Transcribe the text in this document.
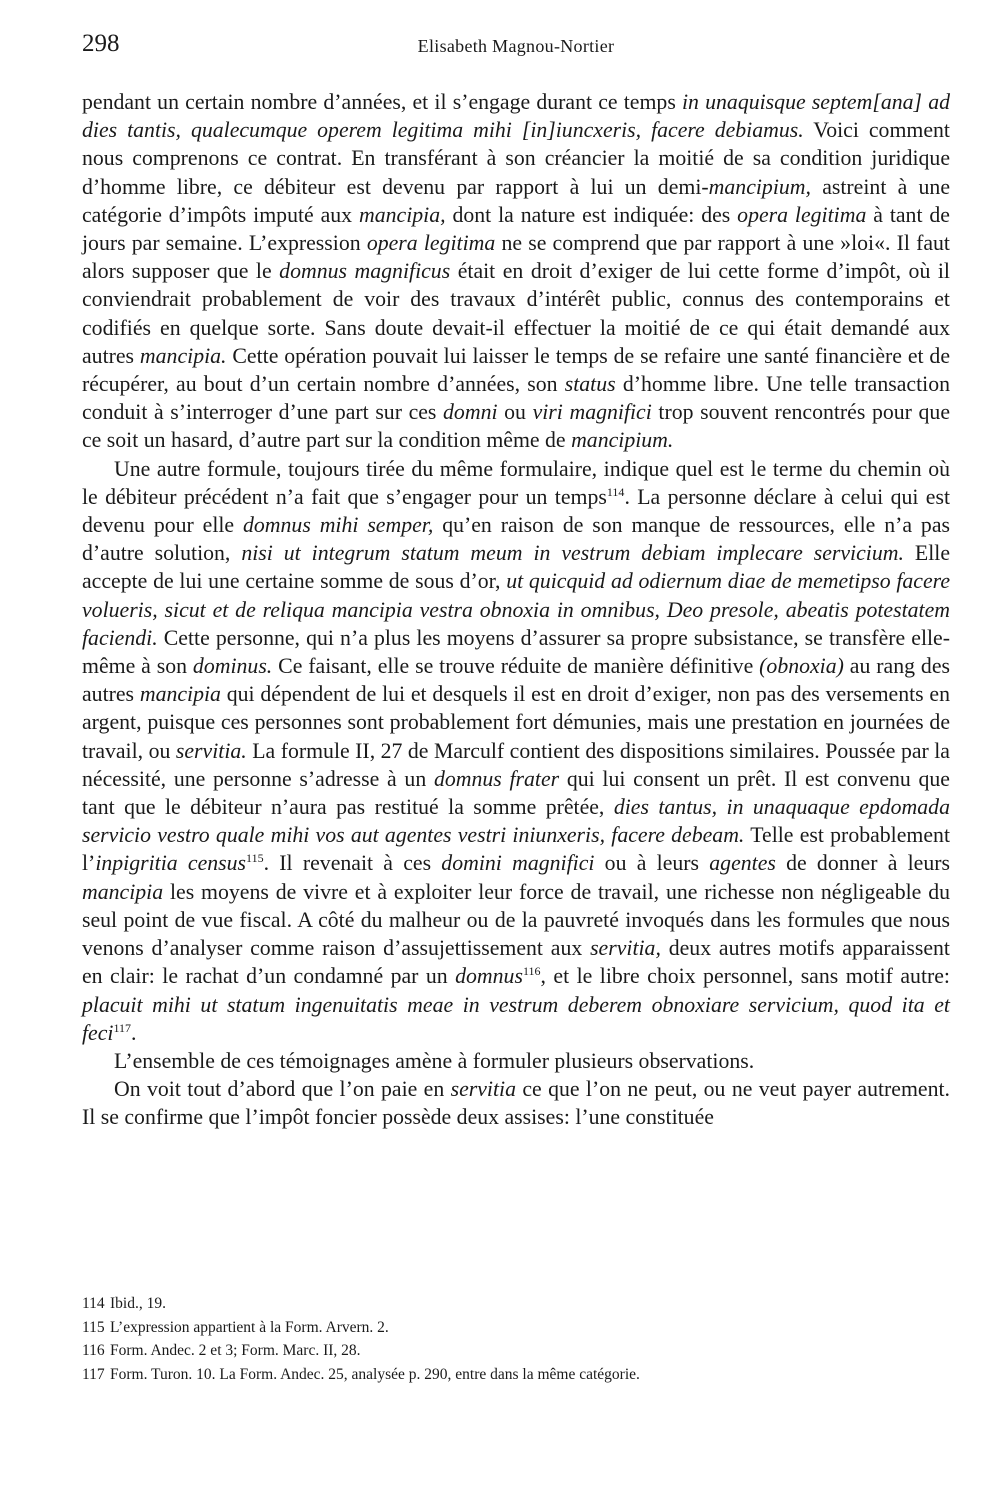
298	Elisabeth Magnou-Nortier

pendant un certain nombre d’années, et il s’engage durant ce temps in unaquisque septem[ana] ad dies tantis, qualecumque operem legitima mihi [in]iuncxeris, facere debiamus. Voici comment nous comprenons ce contrat. En transférant à son créancier la moitié de sa condition juridique d’homme libre, ce débiteur est devenu par rapport à lui un demi-mancipium, astreint à une catégorie d’impôts imputé aux mancipia, dont la nature est indiquée: des opera legitima à tant de jours par semaine. L’expression opera legitima ne se comprend que par rapport à une »loi«. Il faut alors supposer que le domnus magnificus était en droit d’exiger de lui cette forme d’impôt, où il conviendrait probablement de voir des travaux d’intérêt public, connus des contemporains et codifiés en quelque sorte. Sans doute devait-il effectuer la moitié de ce qui était demandé aux autres mancipia. Cette opération pouvait lui laisser le temps de se refaire une santé financière et de récupérer, au bout d’un certain nombre d’années, son status d’homme libre. Une telle transaction conduit à s’interroger d’une part sur ces domni ou viri magnifici trop souvent rencontrés pour que ce soit un hasard, d’autre part sur la condition même de mancipium.

Une autre formule, toujours tirée du même formulaire, indique quel est le terme du chemin où le débiteur précédent n’a fait que s’engager pour un temps$^{114}$. La personne déclare à celui qui est devenu pour elle domnus mihi semper, qu’en raison de son manque de ressources, elle n’a pas d’autre solution, nisi ut integrum statum meum in vestrum debiam implecare servicium. Elle accepte de lui une certaine somme de sous d’or, ut quicquid ad odiernum diae de memetipso facere volueris, sicut et de reliqua mancipia vestra obnoxia in omnibus, Deo presole, abeatis potestatem faciendi. Cette personne, qui n’a plus les moyens d’assurer sa propre subsistance, se transfère elle-même à son dominus. Ce faisant, elle se trouve réduite de manière définitive (obnoxia) au rang des autres mancipia qui dépendent de lui et desquels il est en droit d’exiger, non pas des versements en argent, puisque ces personnes sont probablement fort démunies, mais une prestation en journées de travail, ou servitia. La formule II, 27 de Marculf contient des dispositions similaires. Poussée par la nécessité, une personne s’adresse à un domnus frater qui lui consent un prêt. Il est convenu que tant que le débiteur n’aura pas restitué la somme prêtée, dies tantus, in unaquaque epdomada servicio vestro quale mihi vos aut agentes vestri iniunxeris, facere debeam. Telle est probablement l’inpigritia census$^{115}$. Il revenait à ces domini magnifici ou à leurs agentes de donner à leurs mancipia les moyens de vivre et à exploiter leur force de travail, une richesse non négligeable du seul point de vue fiscal. A côté du malheur ou de la pauvreté invoqués dans les formules que nous venons d’analyser comme raison d’assujettissement aux servitia, deux autres motifs apparaissent en clair: le rachat d’un condamné par un domnus$^{116}$, et le libre choix personnel, sans motif autre: placuit mihi ut statum ingenuitatis meae in vestrum deberem obnoxiare servicium, quod ita et feci$^{117}$.

L’ensemble de ces témoignages amène à formuler plusieurs observations.

On voit tout d’abord que l’on paie en servitia ce que l’on ne peut, ou ne veut payer autrement. Il se confirme que l’impôt foncier possède deux assises: l’une constituée

114 Ibid., 19.
115 L’expression appartient à la Form. Arvern. 2.
116 Form. Andec. 2 et 3; Form. Marc. II, 28.
117 Form. Turon. 10. La Form. Andec. 25, analysée p. 290, entre dans la même catégorie.
